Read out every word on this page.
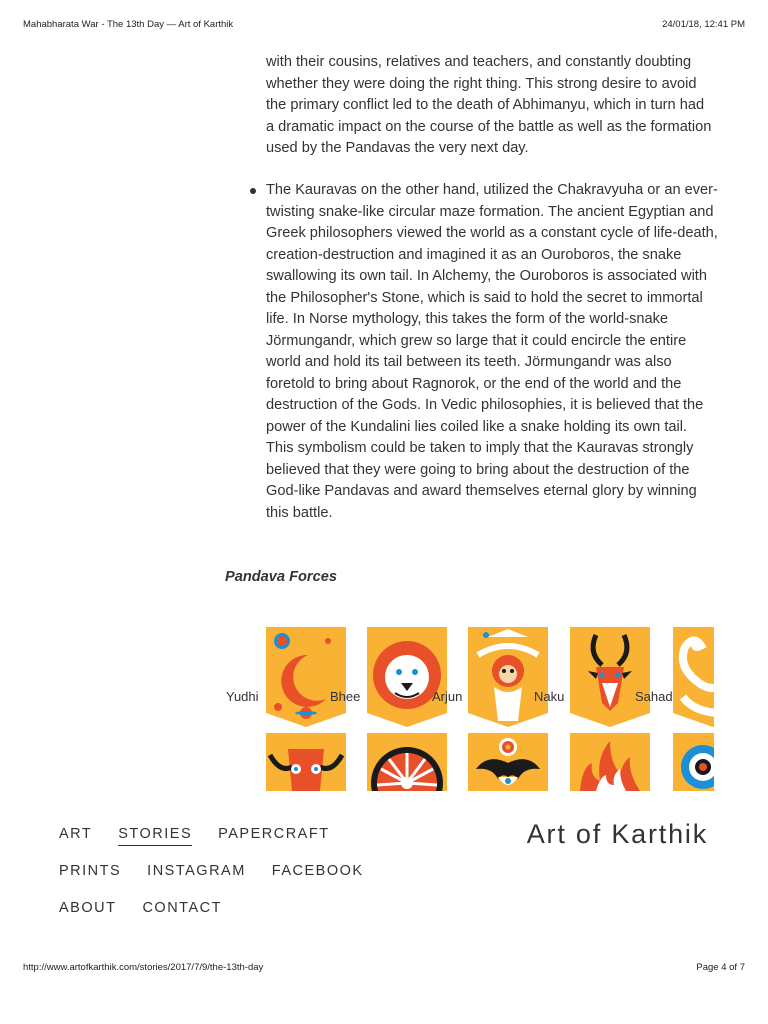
Mahabharata War - The 13th Day — Art of Karthik	24/01/18, 12:41 PM

with their cousins, relatives and teachers, and constantly doubting whether they were doing the right thing. This strong desire to avoid the primary conflict led to the death of Abhimanyu, which in turn had a dramatic impact on the course of the battle as well as the formation used by the Pandavas the very next day.

The Kauravas on the other hand, utilized the Chakravyuha or an ever-twisting snake-like circular maze formation. The ancient Egyptian and Greek philosophers viewed the world as a constant cycle of life-death, creation-destruction and imagined it as an Ouroboros, the snake swallowing its own tail. In Alchemy, the Ouroboros is associated with the Philosopher's Stone, which is said to hold the secret to immortal life. In Norse mythology, this takes the form of the world-snake Jörmungandr, which grew so large that it could encircle the entire world and hold its tail between its teeth. Jörmungandr was also foretold to bring about Ragnorok, or the end of the world and the destruction of the Gods. In Vedic philosophies, it is believed that the power of the Kundalini lies coiled like a snake holding its own tail.

This symbolism could be taken to imply that the Kauravas strongly believed that they were going to bring about the destruction of the God-like Pandavas and award themselves eternal glory by winning this battle.

Pandava Forces
Yudhi	Bhee	Arjun	Naku	Sahad
ART STORIES PAPERCRAFT
PRINTS INSTAGRAM FACEBOOK
ABOUT CONTACT
Art of Karthik
http://www.artofkarthik.com/stories/2017/7/9/the-13th-day	Page 4 of 7
